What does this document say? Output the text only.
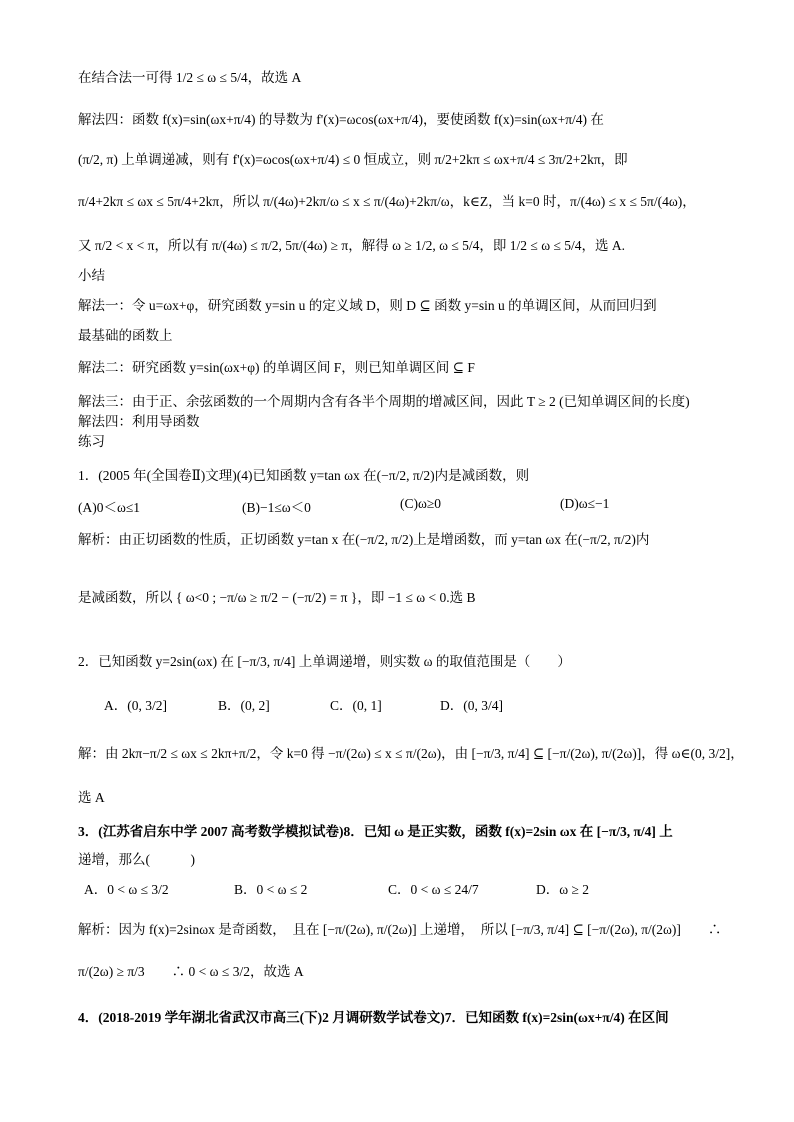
在结合法一可得 1/2 ≤ ω ≤ 5/4，故选 A
解法四：函数 f(x)=sin(ωx+π/4) 的导数为 f'(x)=ωcos(ωx+π/4)，要使函数 f(x)=sin(ωx+π/4) 在
(π/2, π) 上单调递减，则有 f'(x)=ωcos(ωx+π/4) ≤ 0 恒成立，则 π/2+2kπ ≤ ωx+π/4 ≤ 3π/2+2kπ，即
π/4+2kπ ≤ ωx ≤ 5π/4+2kπ，所以 π/(4ω)+2kπ/ω ≤ x ≤ π/(4ω)+2kπ/ω，k∈Z，当 k=0 时，π/(4ω) ≤ x ≤ 5π/(4ω)，
又 π/2 < x < π，所以有 π/(4ω) ≤ π/2, 5π/(4ω) ≥ π，解得 ω ≥ 1/2, ω ≤ 5/4，即 1/2 ≤ ω ≤ 5/4，选 A.
小结
解法一：令 u=ωx+φ，研究函数 y=sin u 的定义域 D，则 D ⊆ 函数 y=sin u 的单调区间，从而回归到
最基础的函数上
解法二：研究函数 y=sin(ωx+φ) 的单调区间 F，则已知单调区间 ⊆ F
解法三：由于正、余弦函数的一个周期内含有各半个周期的增减区间，因此 T ≥ 2 (已知单调区间的长度)
解法四：利用导函数
练习
1．(2005 年(全国卷Ⅱ)文理)(4)已知函数 y=tan ωx 在(−π/2, π/2)内是减函数，则
(A)0＜ω≤1	(B)−1≤ω＜0	(C)ω≥0	(D)ω≤−1
解析：由正切函数的性质，正切函数 y=tan x 在(−π/2, π/2)上是增函数，而 y=tan ωx 在(−π/2, π/2)内
是减函数，所以 { ω<0 ; −π/ω ≥ π/2 − (−π/2) = π }，即 −1 ≤ ω < 0.选 B
2．已知函数 y=2sin(ωx) 在 [−π/3, π/4] 上单调递增，则实数 ω 的取值范围是（　　）
A．(0, 3/2]	B．(0, 2]	C．(0, 1]	D．(0, 3/4]
解：由 2kπ−π/2 ≤ ωx ≤ 2kπ+π/2，令 k=0 得 −π/(2ω) ≤ x ≤ π/(2ω)，由 [−π/3, π/4] ⊆ [−π/(2ω), π/(2ω)]，得 ω∈(0, 3/2]，
选 A
3．(江苏省启东中学 2007 高考数学模拟试卷)8．已知 ω 是正实数，函数 f(x)=2sin ωx 在 [−π/3, π/4] 上
递增，那么(　　　)
A．0 < ω ≤ 3/2	B．0 < ω ≤ 2	C．0 < ω ≤ 24/7	D．ω ≥ 2
解析：因为 f(x)=2sinωx 是奇函数，　且在 [−π/(2ω), π/(2ω)] 上递增，　所以 [−π/3, π/4] ⊆ [−π/(2ω), π/(2ω)]　　∴
π/(2ω) ≥ π/3　　∴ 0 < ω ≤ 3/2，故选 A
4．(2018-2019 学年湖北省武汉市高三(下)2 月调研数学试卷文)7．已知函数 f(x)=2sin(ωx+π/4) 在区间
